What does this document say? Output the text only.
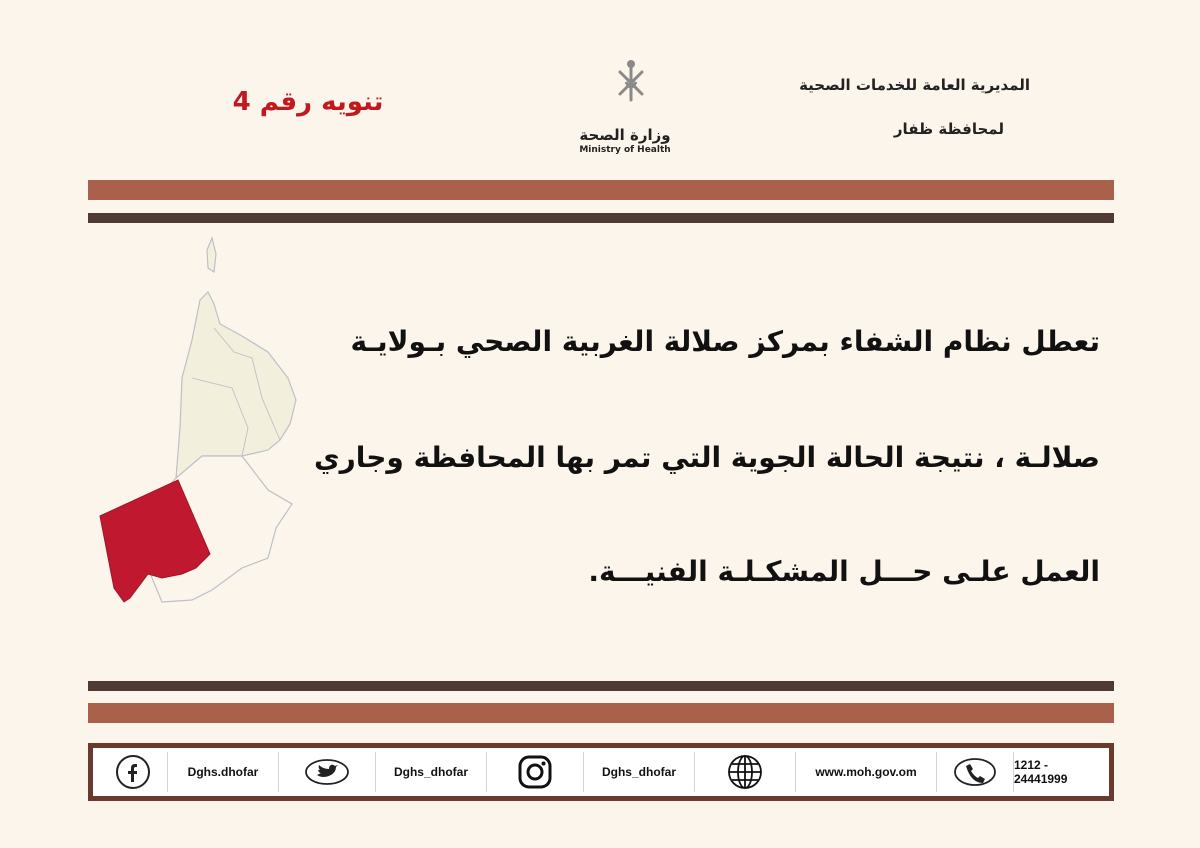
تنويه رقم 4
وزارة الصحة
Ministry of Health
المديرية العامة للخدمات الصحية
لمحافظة ظفار
تعطل نظام الشفاء بمركز صلالة الغربية الصحي بـولايـة
صلالـة ، نتيجة الحالة الجوية التي تمر بها المحافظة وجاري
العمل علـى حـــل المشكـلـة الفنيـــة.
Dghs.dhofar	Dghs_dhofar	Dghs_dhofar	www.moh.gov.om	1212 - 24441999
